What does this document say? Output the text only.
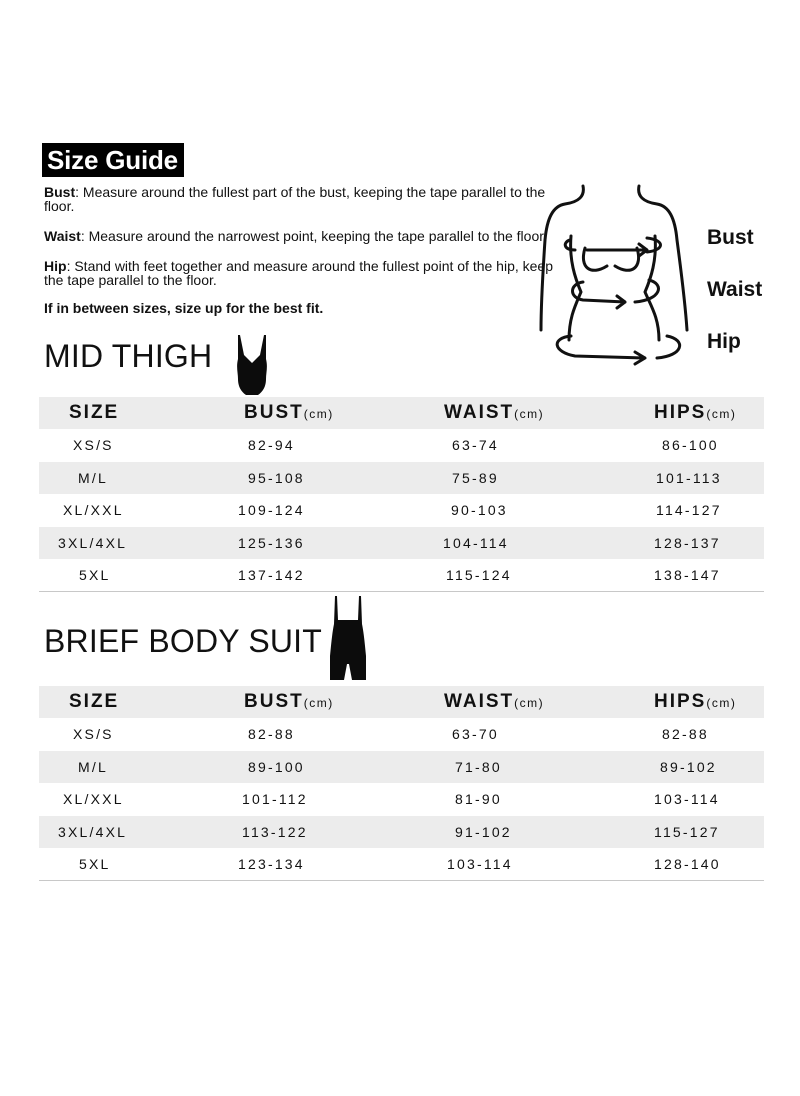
Size Guide

Bust: Measure around the fullest part of the bust, keeping the tape parallel to the floor.

Waist: Measure around the narrowest point, keeping the tape parallel to the floor.

Hip: Stand with feet together and measure around the fullest point of the hip, keep the tape parallel to the floor.

If in between sizes, size up for the best fit.

Bust
Waist
Hip
MID THIGH
SIZE	BUST(cm)	WAIST(cm)	HIPS(cm)
XS/S	82-94	63-74	86-100
M/L	95-108	75-89	101-113
XL/XXL	109-124	90-103	114-127
3XL/4XL	125-136	104-114	128-137
5XL	137-142	115-124	138-147
BRIEF BODY SUIT
SIZE	BUST(cm)	WAIST(cm)	HIPS(cm)
XS/S	82-88	63-70	82-88
M/L	89-100	71-80	89-102
XL/XXL	101-112	81-90	103-114
3XL/4XL	113-122	91-102	115-127
5XL	123-134	103-114	128-140
